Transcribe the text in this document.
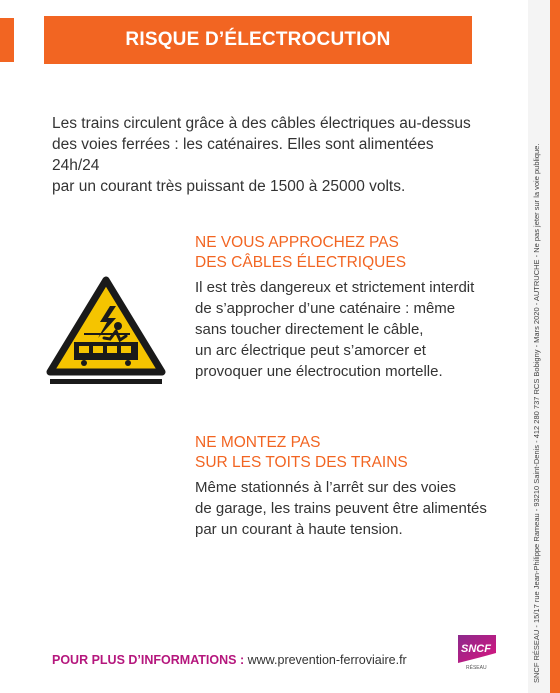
RISQUE D’ÉLECTROCUTION
Les trains circulent grâce à des câbles électriques au-dessus
des voies ferrées : les caténaires. Elles sont alimentées 24h/24
par un courant très puissant de 1500 à 25000 volts.
NE VOUS APPROCHEZ PAS
DES CÂBLES ÉLECTRIQUES

Il est très dangereux et strictement interdit
de s’approcher d’une caténaire : même
sans toucher directement le câble,
un arc électrique peut s’amorcer et
provoquer une électrocution mortelle.

NE MONTEZ PAS
SUR LES TOITS DES TRAINS

Même stationnés à l’arrêt sur des voies
de garage, les trains peuvent être alimentés
par un courant à haute tension.

POUR PLUS D’INFORMATIONS : www.prevention-ferroviaire.fr
SNCF
RÉSEAU	SNCF RÉSEAU - 15/17 rue Jean-Philippe Rameau - 93210 Saint-Denis - 412 280 737 RCS Bobigny - Mars 2020 - AUTRUCHE - Ne pas jeter sur la voie publique.
